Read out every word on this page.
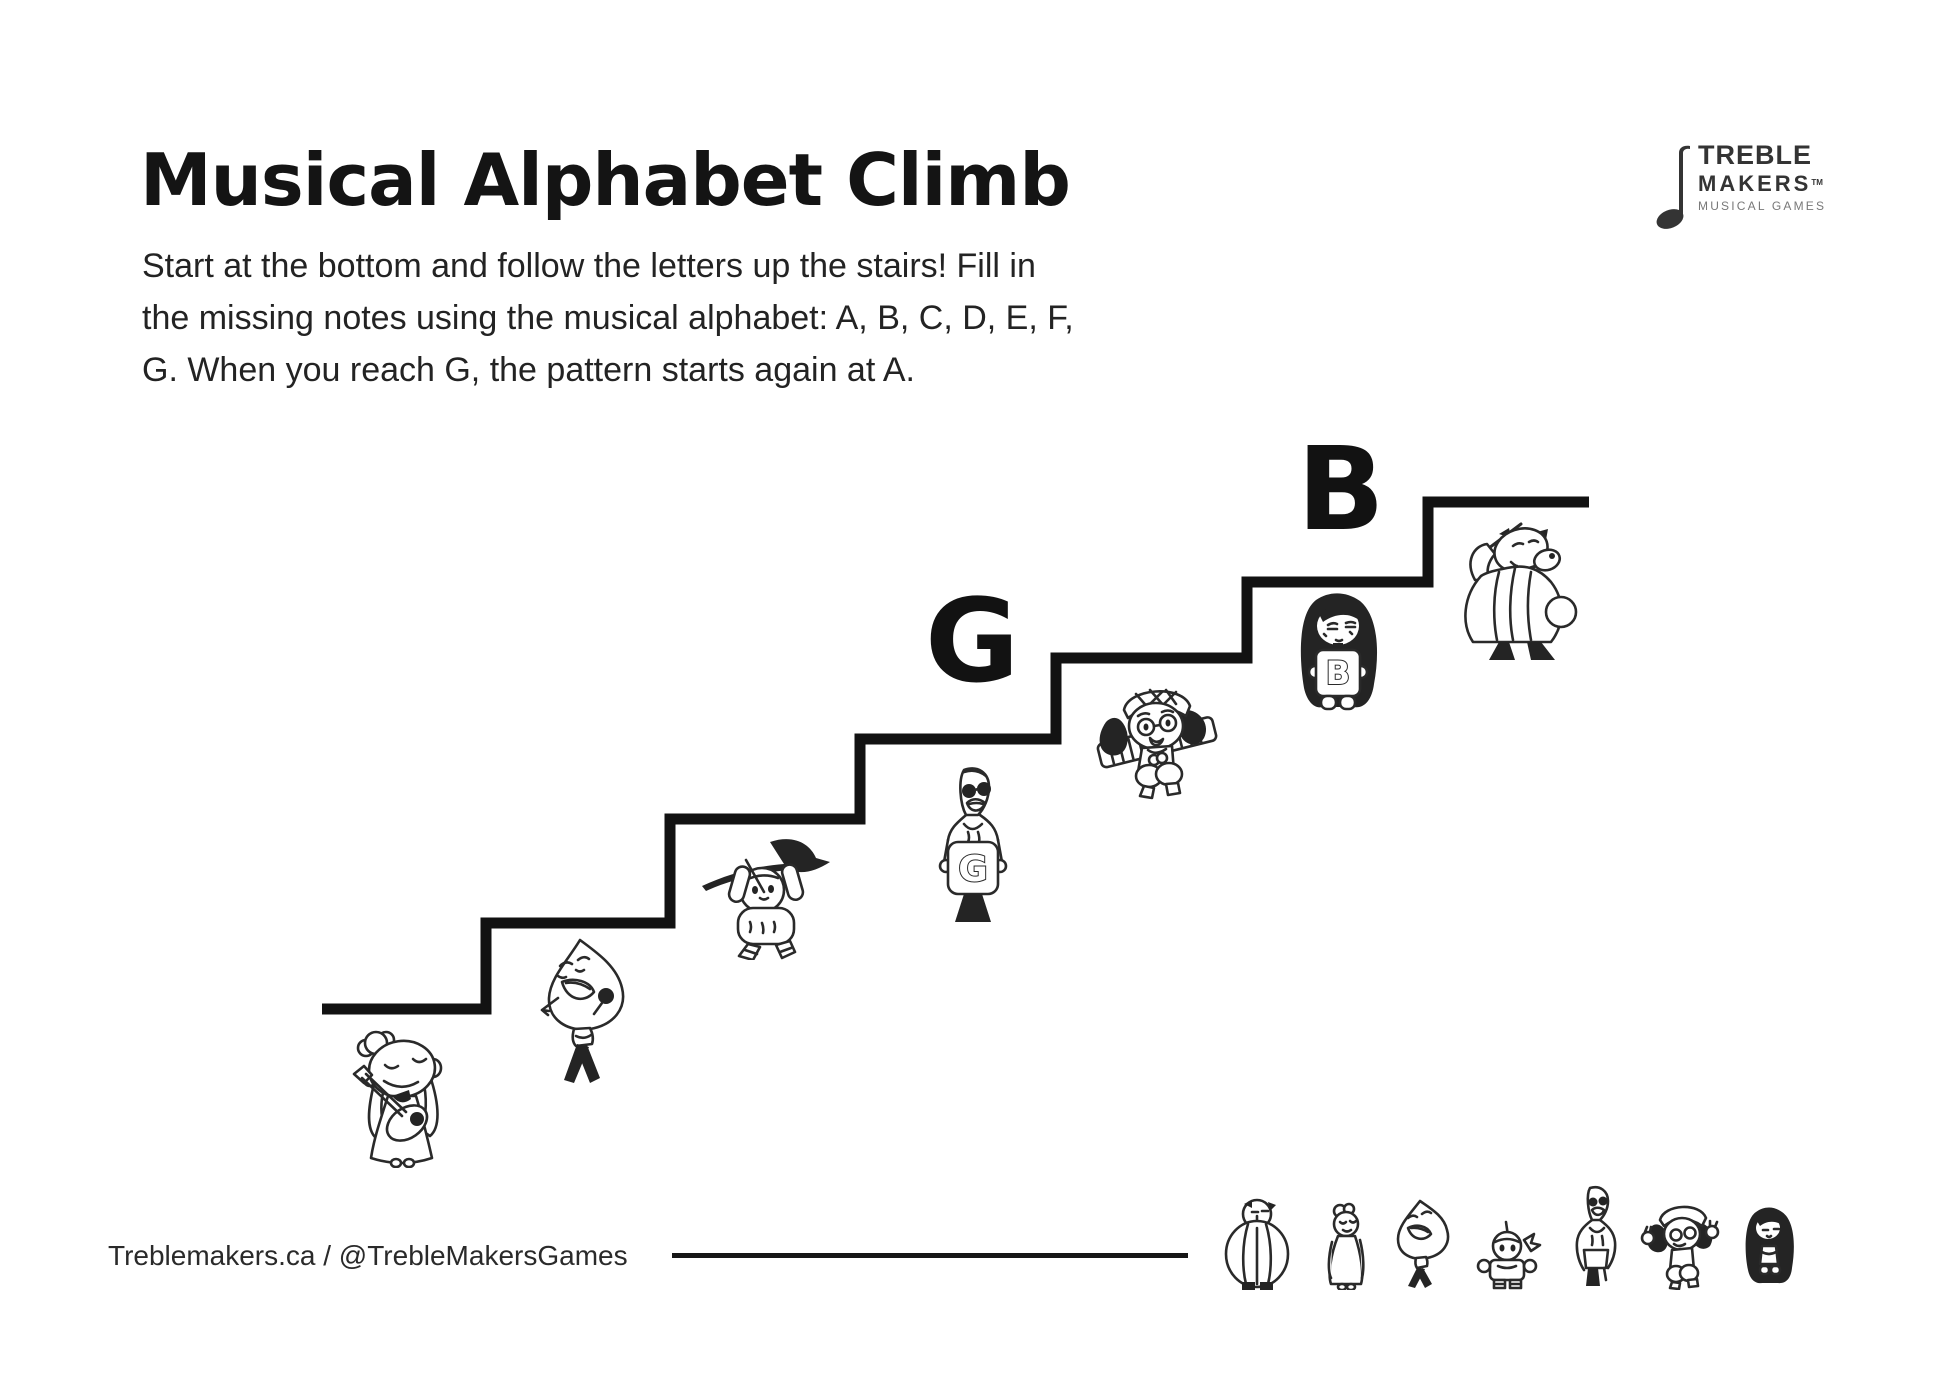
Musical Alphabet Climb
Start at the bottom and follow the letters up the stairs! Fill in
the missing notes using the musical alphabet: A, B, C, D, E, F,
G. When you reach G, the pattern starts again at A.
TREBLE
MAKERS™
MUSICAL GAMES
G
B
G
B
Treblemakers.ca / @TrebleMakersGames
